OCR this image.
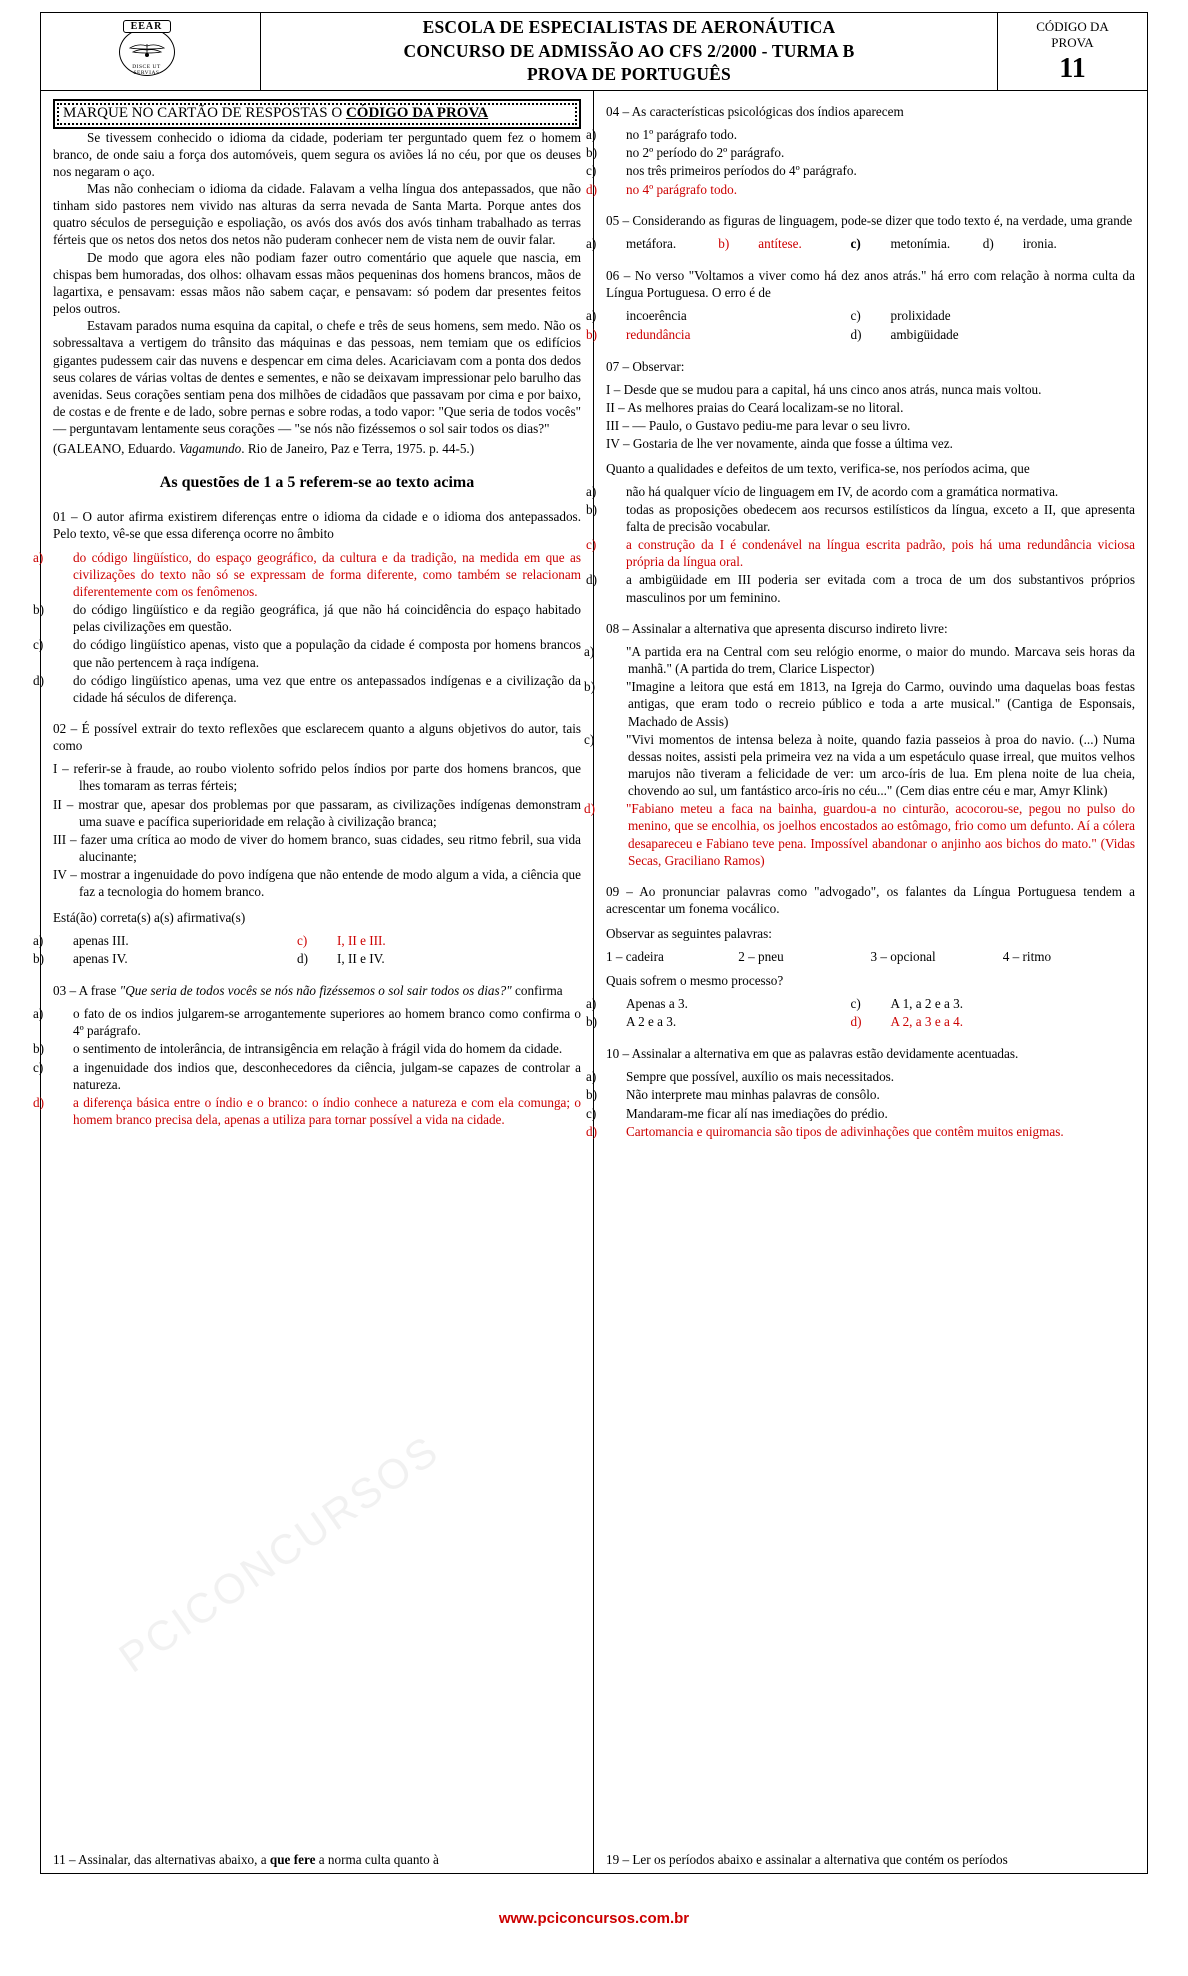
PCICONCURSOS
EEAR
DISCE UT SERVIAS
ESCOLA DE ESPECIALISTAS DE AERONÁUTICA
CONCURSO DE ADMISSÃO AO CFS 2/2000 - TURMA B
PROVA DE PORTUGUÊS
CÓDIGO DA
PROVA
11
MARQUE NO CARTÃO DE RESPOSTAS O CÓDIGO DA PROVA

Se tivessem conhecido o idioma da cidade, poderiam ter perguntado quem fez o homem branco, de onde saiu a força dos automóveis, quem segura os aviões lá no céu, por que os deuses nos negaram o aço.

Mas não conheciam o idioma da cidade. Falavam a velha língua dos antepassados, que não tinham sido pastores nem vivido nas alturas da serra nevada de Santa Marta. Porque antes dos quatro séculos de perseguição e espoliação, os avós dos avós dos avós tinham trabalhado as terras férteis que os netos dos netos dos netos não puderam conhecer nem de vista nem de ouvir falar.

De modo que agora eles não podiam fazer outro comentário que aquele que nascia, em chispas bem humoradas, dos olhos: olhavam essas mãos pequeninas dos homens brancos, mãos de lagartixa, e pensavam: essas mãos não sabem caçar, e pensavam: só podem dar presentes feitos pelos outros.

Estavam parados numa esquina da capital, o chefe e três de seus homens, sem medo. Não os sobressaltava a vertigem do trânsito das máquinas e das pessoas, nem temiam que os edifícios gigantes pudessem cair das nuvens e despencar em cima deles. Acariciavam com a ponta dos dedos seus colares de várias voltas de dentes e sementes, e não se deixavam impressionar pelo barulho das avenidas. Seus corações sentiam pena dos milhões de cidadãos que passavam por cima e por baixo, de costas e de frente e de lado, sobre pernas e sobre rodas, a todo vapor: "Que seria de todos vocês" — perguntavam lentamente seus corações — "se nós não fizéssemos o sol sair todos os dias?"

(GALEANO, Eduardo. Vagamundo. Rio de Janeiro, Paz e Terra, 1975. p. 44-5.)
As questões de 1 a 5 referem-se ao texto acima
01 – O autor afirma existirem diferenças entre o idioma da cidade e o idioma dos antepassados. Pelo texto, vê-se que essa diferença ocorre no âmbito
a) do código lingüístico, do espaço geográfico, da cultura e da tradição, na medida em que as civilizações do texto não só se expressam de forma diferente, como também se relacionam diferentemente com os fenômenos.
b) do código lingüístico e da região geográfica, já que não há coincidência do espaço habitado pelas civilizações em questão.
c) do código lingüístico apenas, visto que a população da cidade é composta por homens brancos que não pertencem à raça indígena.
d) do código lingüístico apenas, uma vez que entre os antepassados indígenas e a civilização da cidade há séculos de diferença.
02 – É possível extrair do texto reflexões que esclarecem quanto a alguns objetivos do autor, tais como
I – referir-se à fraude, ao roubo violento sofrido pelos índios por parte dos homens brancos, que lhes tomaram as terras férteis;
II – mostrar que, apesar dos problemas por que passaram, as civilizações indígenas demonstram uma suave e pacífica superioridade em relação à civilização branca;
III – fazer uma crítica ao modo de viver do homem branco, suas cidades, seu ritmo febril, sua vida alucinante;
IV – mostrar a ingenuidade do povo indígena que não entende de modo algum a vida, a ciência que faz a tecnologia do homem branco.
Está(ão) correta(s) a(s) afirmativa(s)
a) apenas III.
b) apenas IV.
c) I, II e III.
d) I, II e IV.
03 – A frase "Que seria de todos vocês se nós não fizéssemos o sol sair todos os dias?" confirma
a) o fato de os indios julgarem-se arrogantemente superiores ao homem branco como confirma o 4º parágrafo.
b) o sentimento de intolerância, de intransigência em relação à frágil vida do homem da cidade.
c) a ingenuidade dos indios que, desconhecedores da ciência, julgam-se capazes de controlar a natureza.
d) a diferença básica entre o índio e o branco: o índio conhece a natureza e com ela comunga; o homem branco precisa dela, apenas a utiliza para tornar possível a vida na cidade.
11 – Assinalar, das alternativas abaixo, a que fere a norma culta quanto à
04 – As características psicológicas dos índios aparecem
a) no 1º parágrafo todo.
b) no 2º período do 2º parágrafo.
c) nos três primeiros períodos do 4º parágrafo.
d) no 4º parágrafo todo.
05 – Considerando as figuras de linguagem, pode-se dizer que todo texto é, na verdade, uma grande
a) metáfora.	b) antítese.	c) metonímia.	d) ironia.
06 – No verso "Voltamos a viver como há dez anos atrás." há erro com relação à norma culta da Língua Portuguesa. O erro é de
a) incoerência
b) redundância
c) prolixidade
d) ambigüidade
07 – Observar:
I – Desde que se mudou para a capital, há uns cinco anos atrás, nunca mais voltou.
II – As melhores praias do Ceará localizam-se no litoral.
III – — Paulo, o Gustavo pediu-me para levar o seu livro.
IV – Gostaria de lhe ver novamente, ainda que fosse a última vez.
Quanto a qualidades e defeitos de um texto, verifica-se, nos períodos acima, que
a) não há qualquer vício de linguagem em IV, de acordo com a gramática normativa.
b) todas as proposições obedecem aos recursos estilísticos da língua, exceto a II, que apresenta falta de precisão vocabular.
c) a construção da I é condenável na língua escrita padrão, pois há uma redundância viciosa própria da língua oral.
d) a ambigüidade em III poderia ser evitada com a troca de um dos substantivos próprios masculinos por um feminino.
08 – Assinalar a alternativa que apresenta discurso indireto livre:
a) "A partida era na Central com seu relógio enorme, o maior do mundo. Marcava seis horas da manhã." (A partida do trem, Clarice Lispector)
b) "Imagine a leitora que está em 1813, na Igreja do Carmo, ouvindo uma daquelas boas festas antigas, que eram todo o recreio público e toda a arte musical." (Cantiga de Esponsais, Machado de Assis)
c) "Vivi momentos de intensa beleza à noite, quando fazia passeios à proa do navio. (...) Numa dessas noites, assisti pela primeira vez na vida a um espetáculo quase irreal, que muitos velhos marujos não tiveram a felicidade de ver: um arco-íris de lua. Em plena noite de lua cheia, chovendo ao sul, um fantástico arco-íris no céu..." (Cem dias entre céu e mar, Amyr Klink)
d) "Fabiano meteu a faca na bainha, guardou-a no cinturão, acocorou-se, pegou no pulso do menino, que se encolhia, os joelhos encostados ao estômago, frio como um defunto. Aí a cólera desapareceu e Fabiano teve pena. Impossível abandonar o anjinho aos bichos do mato." (Vidas Secas, Graciliano Ramos)
09 – Ao pronunciar palavras como "advogado", os falantes da Língua Portuguesa tendem a acrescentar um fonema vocálico.
Observar as seguintes palavras:
1 – cadeira	2 – pneu	3 – opcional	4 – ritmo
Quais sofrem o mesmo processo?
a) Apenas a 3.
b) A 2 e a 3.
c) A 1, a 2 e a 3.
d) A 2, a 3 e a 4.
10 – Assinalar a alternativa em que as palavras estão devidamente acentuadas.
a) Sempre que possível, auxílio os mais necessitados.
b) Não interprete mau minhas palavras de consôlo.
c) Mandaram-me ficar alí nas imediações do prédio.
d) Cartomancia e quiromancia são tipos de adivinhações que contêm muitos enigmas.
19 – Ler os períodos abaixo e assinalar a alternativa que contém os períodos
www.pciconcursos.com.br
